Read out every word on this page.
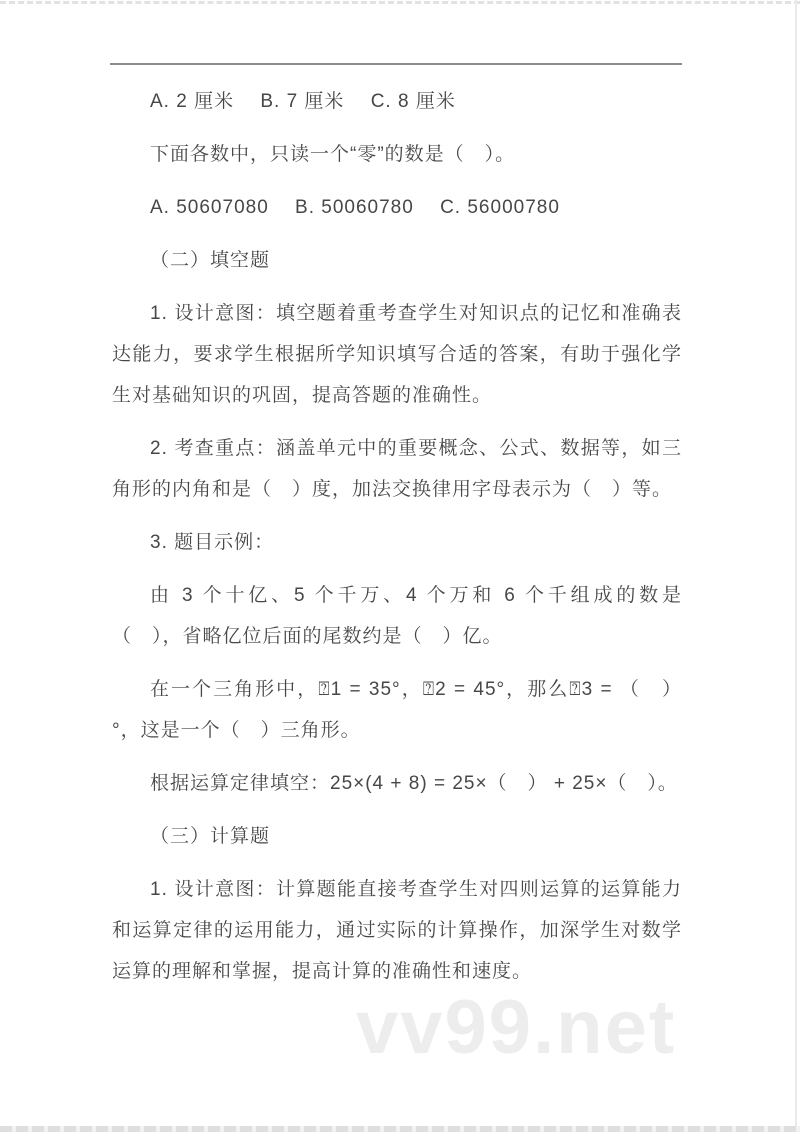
A. 2 厘米　 B. 7 厘米　 C. 8 厘米

下面各数中，只读一个“零”的数是（　）。

A. 50607080　 B. 50060780　 C. 56000780

（二）填空题

1. 设计意图：填空题着重考查学生对知识点的记忆和准确表达能力，要求学生根据所学知识填写合适的答案，有助于强化学生对基础知识的巩固，提高答题的准确性。

2. 考查重点：涵盖单元中的重要概念、公式、数据等，如三角形的内角和是（　）度，加法交换律用字母表示为（　）等。

3. 题目示例：

由 3 个十亿、5 个千万、4 个万和 6 个千组成的数是（　），省略亿位后面的尾数约是（　）亿。

在一个三角形中，⍰1 = 35°，⍰2 = 45°，那么⍰3 = （　）°，这是一个（　）三角形。

根据运算定律填空：25×(4 + 8) = 25×（　） + 25×（　）。

（三）计算题

1. 设计意图：计算题能直接考查学生对四则运算的运算能力和运算定律的运用能力，通过实际的计算操作，加深学生对数学运算的理解和掌握，提高计算的准确性和速度。

vv99.net
